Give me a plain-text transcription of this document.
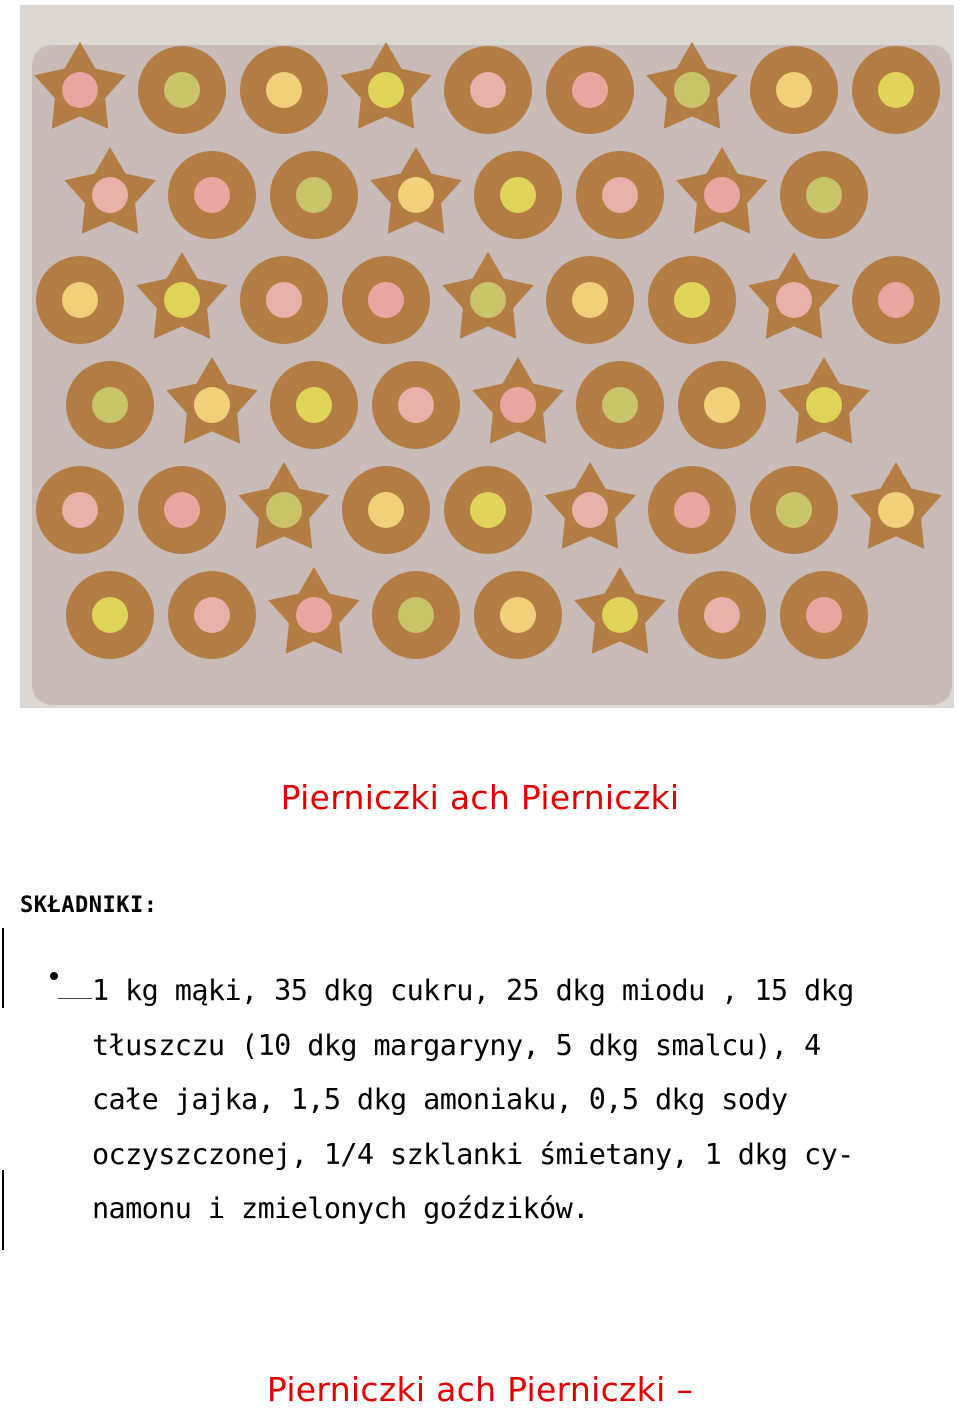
Pierniczki ach Pierniczki
SKŁADNIKI:

1 kg mąki, 35 dkg cukru, 25 dkg miodu , 15 dkg
tłuszczu (10 dkg margaryny, 5 dkg smalcu), 4
całe jajka, 1,5 dkg amoniaku, 0,5 dkg sody
oczyszczonej, 1/4 szklanki śmietany, 1 dkg cy-
namonu i zmielonych goździków.

Pierniczki ach Pierniczki –
